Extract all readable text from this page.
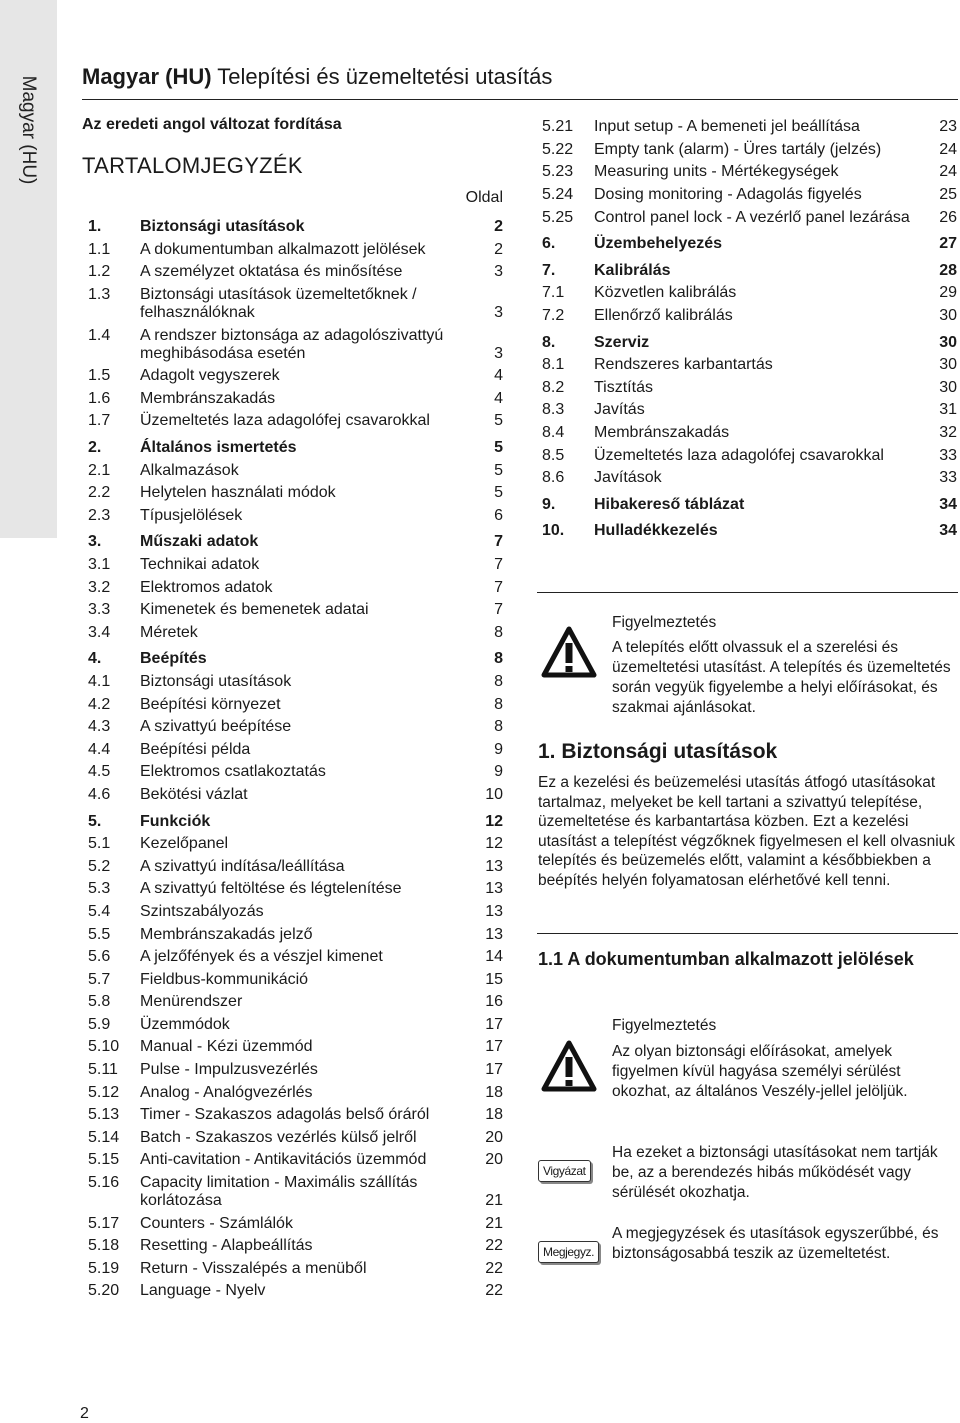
Magyar (HU) Magyar (HU) Telepítési és üzemeltetési utasítás
Az eredeti angol változat fordítása
TARTALOMJEGYZÉK
Oldal
1.	Biztonsági utasítások	2
1.1	A dokumentumban alkalmazott jelölések	2
1.2	A személyzet oktatása és minősítése	3
1.3	Biztonsági utasítások üzemeltetőknek / felhasználóknak	3
1.4	A rendszer biztonsága az adagolószivattyú meghibásodása esetén	3
1.5	Adagolt vegyszerek	4
1.6	Membránszakadás	4
1.7	Üzemeltetés laza adagolófej csavarokkal	5
2.	Általános ismertetés	5
2.1	Alkalmazások	5
2.2	Helytelen használati módok	5
2.3	Típusjelölések	6
3.	Műszaki adatok	7
3.1	Technikai adatok	7
3.2	Elektromos adatok	7
3.3	Kimenetek és bemenetek adatai	7
3.4	Méretek	8
4.	Beépítés	8
4.1	Biztonsági utasítások	8
4.2	Beépítési környezet	8
4.3	A szivattyú beépítése	8
4.4	Beépítési példa	9
4.5	Elektromos csatlakoztatás	9
4.6	Bekötési vázlat	10
5.	Funkciók	12
5.1	Kezelőpanel	12
5.2	A szivattyú indítása/leállítása	13
5.3	A szivattyú feltöltése és légtelenítése	13
5.4	Szintszabályozás	13
5.5	Membránszakadás jelző	13
5.6	A jelzőfények és a vészjel kimenet	14
5.7	Fieldbus-kommunikáció	15
5.8	Menürendszer	16
5.9	Üzemmódok	17
5.10	Manual - Kézi üzemmód	17
5.11	Pulse - Impulzusvezérlés	17
5.12	Analog - Analógvezérlés	18
5.13	Timer - Szakaszos adagolás belső óráról	18
5.14	Batch - Szakaszos vezérlés külső jelről	20
5.15	Anti-cavitation - Antikavitációs üzemmód	20
5.16	Capacity limitation - Maximális szállítás korlátozása	21
5.17	Counters - Számlálók	21
5.18	Resetting - Alapbeállítás	22
5.19	Return - Visszalépés a menüből	22
5.20	Language - Nyelv	22
5.21	Input setup - A bemeneti jel beállítása	23
5.22	Empty tank (alarm) - Üres tartály (jelzés)	24
5.23	Measuring units - Mértékegységek	24
5.24	Dosing monitoring - Adagolás figyelés	25
5.25	Control panel lock - A vezérlő panel lezárása	26
6.	Üzembehelyezés	27
7.	Kalibrálás	28
7.1	Közvetlen kalibrálás	29
7.2	Ellenőrző kalibrálás	30
8.	Szerviz	30
8.1	Rendszeres karbantartás	30
8.2	Tisztítás	30
8.3	Javítás	31
8.4	Membránszakadás	32
8.5	Üzemeltetés laza adagolófej csavarokkal	33
8.6	Javítások	33
9.	Hibakereső táblázat	34
10.	Hulladékkezelés	34
Figyelmeztetés
A telepítés előtt olvassuk el a szerelési és üzemeltetési utasítást. A telepítés és üzemeltetés során vegyük figyelembe a helyi előírásokat, és szakmai ajánlásokat.
1. Biztonsági utasítások
Ez a kezelési és beüzemelési utasítás átfogó utasításokat tartalmaz, melyeket be kell tartani a szivattyú telepítése, üzemeltetése és karbantartása közben. Ezt a kezelési utasítást a telepítést végzőknek figyelmesen el kell olvasniuk telepítés és beüzemelés előtt, valamint a későbbiekben a beépítés helyén folyamatosan elérhetővé kell tenni.
1.1 A dokumentumban alkalmazott jelölések
Figyelmeztetés
Az olyan biztonsági előírásokat, amelyek figyelmen kívül hagyása személyi sérülést okozhat, az általános Veszély-jellel jelöljük.
Vigyázat
Ha ezeket a biztonsági utasításokat nem tartják be, az a berendezés hibás működését vagy sérülését okozhatja.
Megjegyz.
A megjegyzések és utasítások egyszerűbbé, és biztonságosabbá teszik az üzemeltetést.
2
